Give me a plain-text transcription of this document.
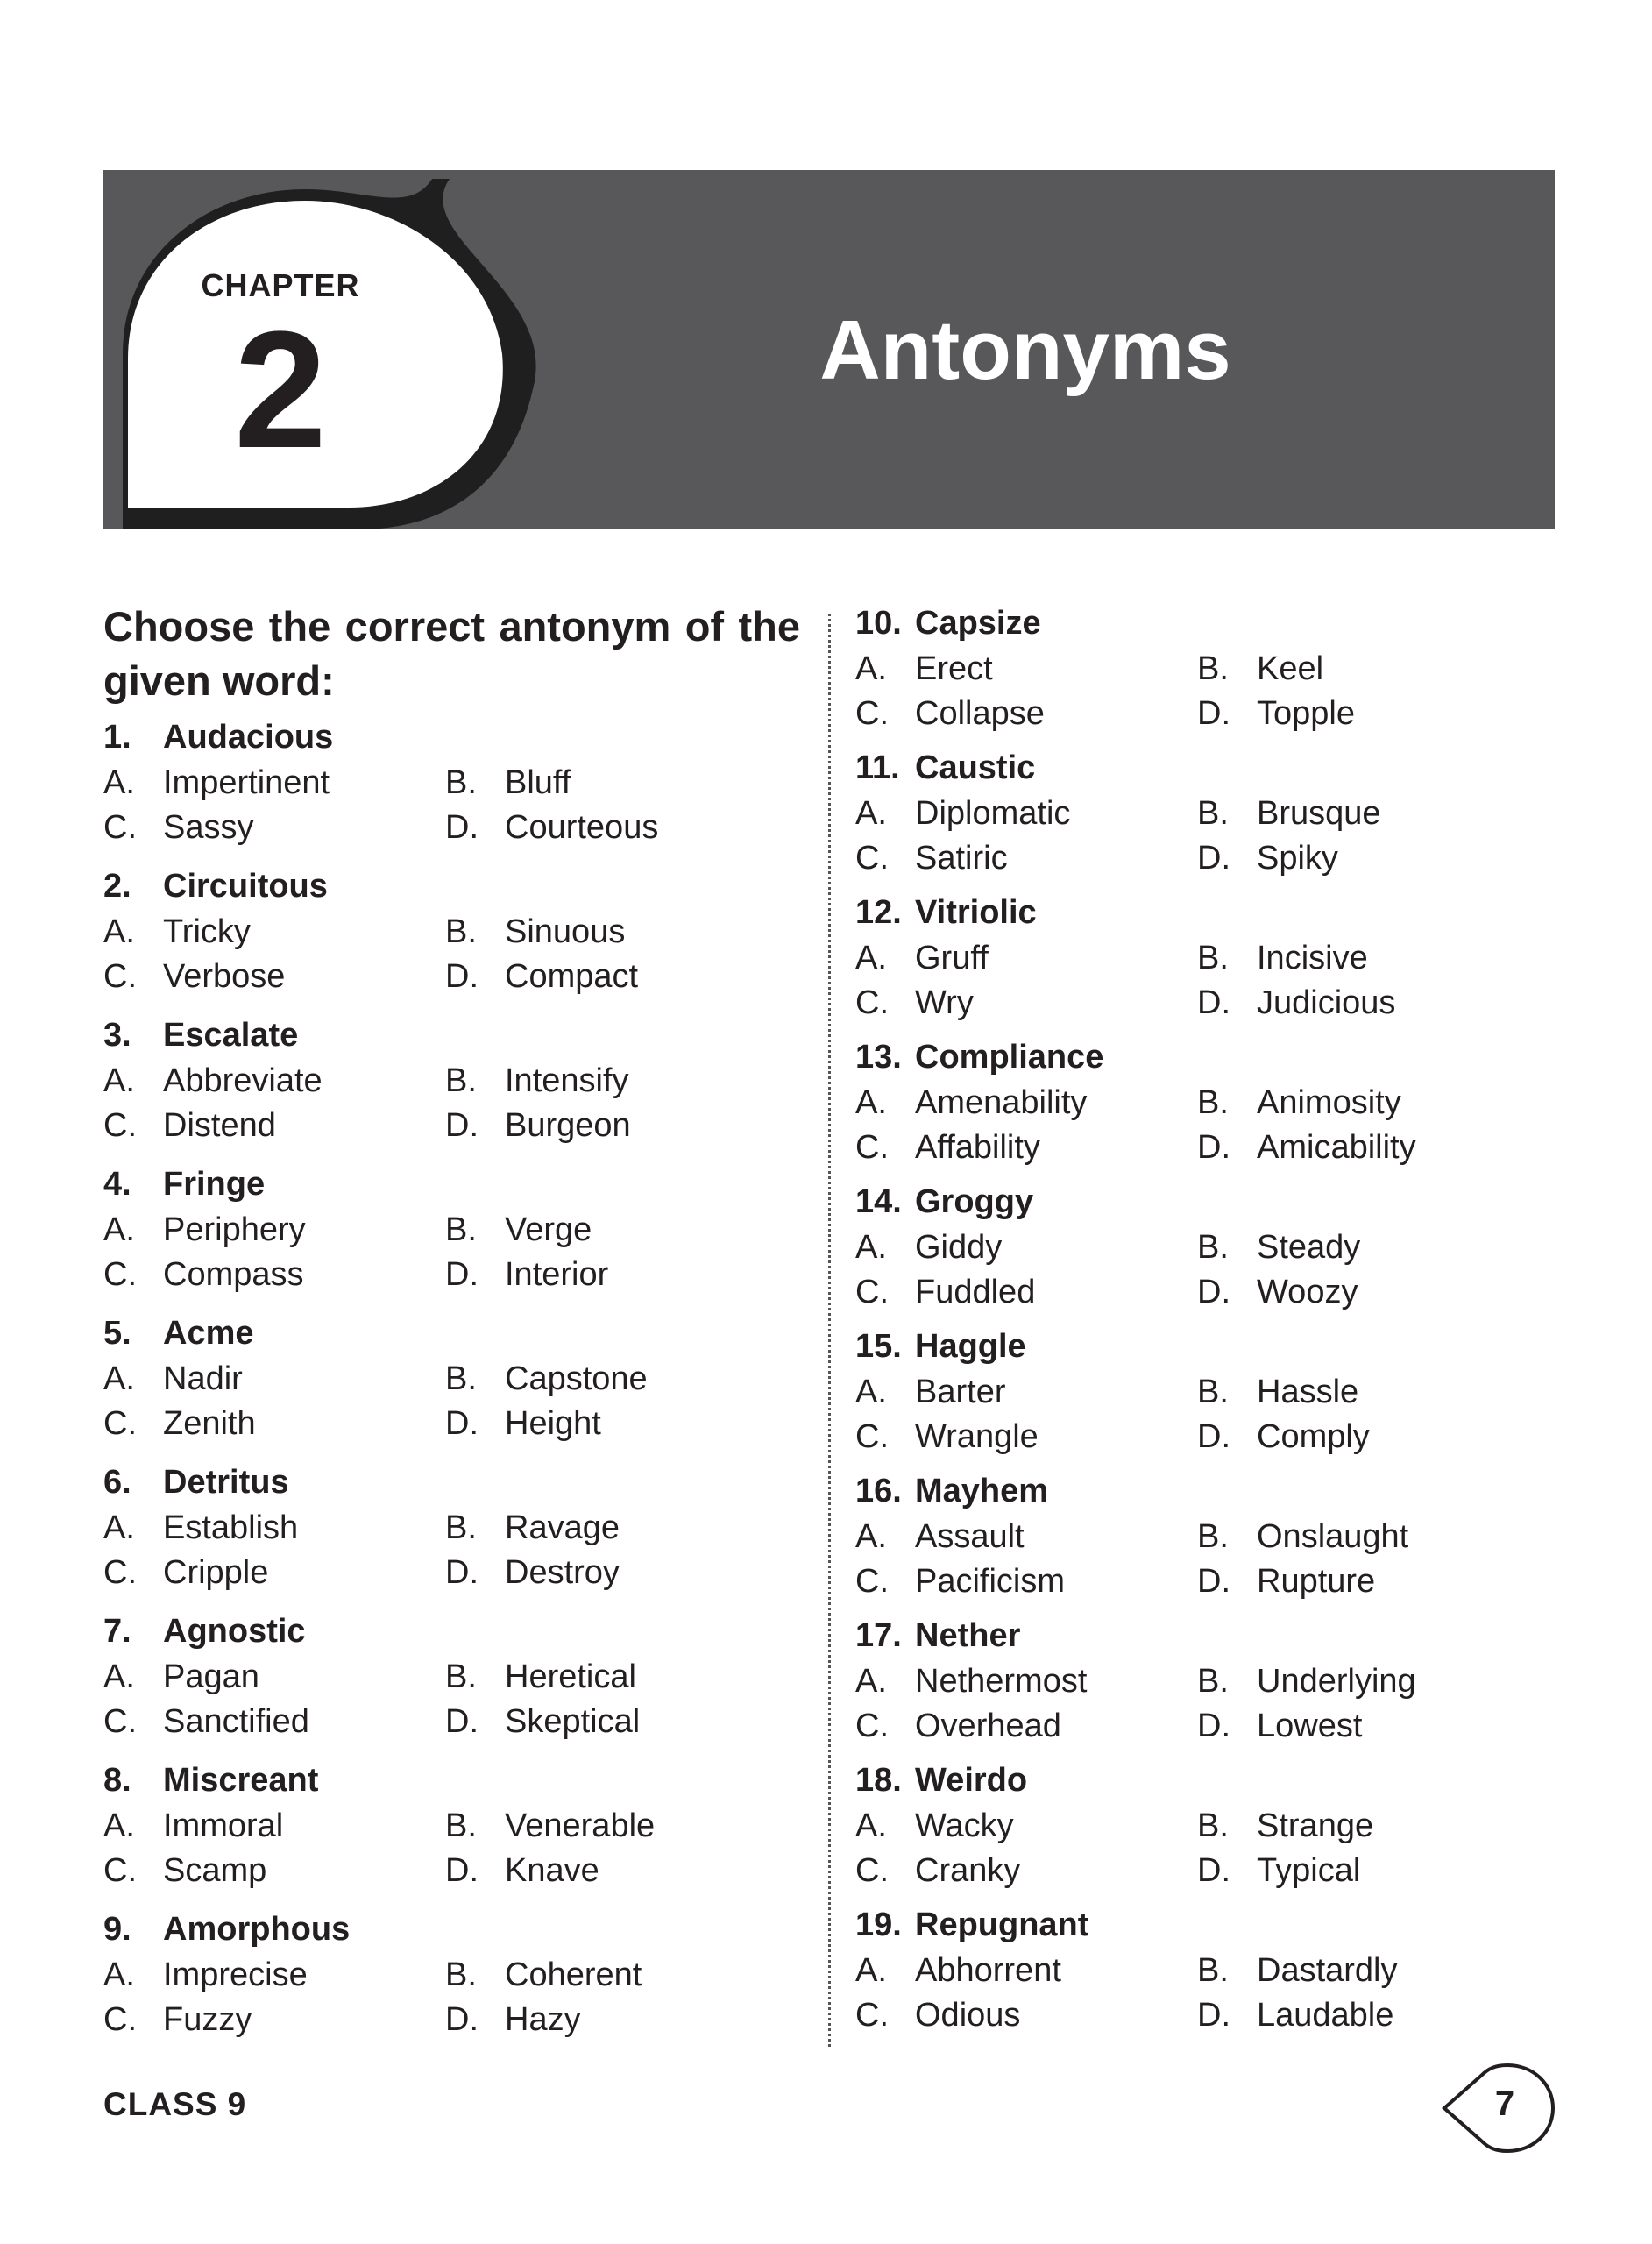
CHAPTER
2	Antonyms
Choose the correct antonym of the given word:
1. Audacious
A. Impertinent	B. Bluff
C. Sassy	D. Courteous
2. Circuitous
A. Tricky	B. Sinuous
C. Verbose	D. Compact
3. Escalate
A. Abbreviate	B. Intensify
C. Distend	D. Burgeon
4. Fringe
A. Periphery	B. Verge
C. Compass	D. Interior
5. Acme
A. Nadir	B. Capstone
C. Zenith	D. Height
6. Detritus
A. Establish	B. Ravage
C. Cripple	D. Destroy
7. Agnostic
A. Pagan	B. Heretical
C. Sanctified	D. Skeptical
8. Miscreant
A. Immoral	B. Venerable
C. Scamp	D. Knave
9. Amorphous
A. Imprecise	B. Coherent
C. Fuzzy	D. Hazy
10. Capsize
A. Erect	B. Keel
C. Collapse	D. Topple
11. Caustic
A. Diplomatic	B. Brusque
C. Satiric	D. Spiky
12. Vitriolic
A. Gruff	B. Incisive
C. Wry	D. Judicious
13. Compliance
A. Amenability	B. Animosity
C. Affability	D. Amicability
14. Groggy
A. Giddy	B. Steady
C. Fuddled	D. Woozy
15. Haggle
A. Barter	B. Hassle
C. Wrangle	D. Comply
16. Mayhem
A. Assault	B. Onslaught
C. Pacificism	D. Rupture
17. Nether
A. Nethermost	B. Underlying
C. Overhead	D. Lowest
18. Weirdo
A. Wacky	B. Strange
C. Cranky	D. Typical
19. Repugnant
A. Abhorrent	B. Dastardly
C. Odious	D. Laudable
CLASS 9	7
